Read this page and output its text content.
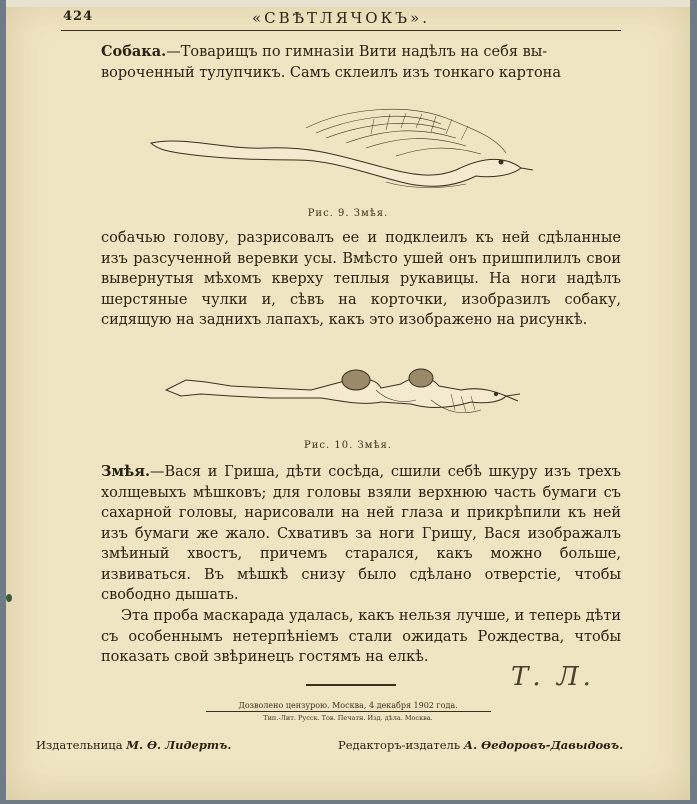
424	«СВѢТЛЯЧОКЪ».

Собака.—Товарищъ по гимназіи Вити надѣлъ на себя вы-
вороченный тулупчикъ. Самъ склеилъ изъ тонкаго картона

Рис. 9. Змѣя.

собачью голову, разрисовалъ ее и подклеилъ къ ней сдѣланные изъ разсученной веревки усы. Вмѣсто ушей онъ пришпилилъ свои вывернутыя мѣхомъ кверху теплыя рукавицы. На ноги надѣлъ шерстяные чулки и, сѣвъ на корточки, изобразилъ собаку, сидящую на заднихъ лапахъ, какъ это изображено на рисункѣ.

Рис. 10. Змѣя.

Змѣя.—Вася и Гриша, дѣти сосѣда, сшили себѣ шкуру изъ трехъ холщевыхъ мѣшковъ; для головы взяли верхнюю часть бумаги съ сахарной головы, нарисовали на ней глаза и прикрѣпили къ ней изъ бумаги же жало. Схвативъ за ноги Гришу, Вася изображалъ змѣиный хвостъ, причемъ старался, какъ можно больше, извиваться. Въ мѣшкѣ снизу было сдѣлано отверстіе, чтобы свободно дышать.

Эта проба маскарада удалась, какъ нельзя лучше, и теперь дѣти съ особеннымъ нетерпѣніемъ стали ожидать Рождества, чтобы показать свой звѣринецъ гостямъ на елкѣ.

Т. Л.
Дозволено цензурою. Москва, 4 декабря 1902 года.
Тип.-Лит. Русск. Тов. Печатн. Изд. дѣла. Москва.
Издательница М. Ѳ. Лидертъ.	Редакторъ-издатель А. Ѳедоровъ-Давыдовъ.
